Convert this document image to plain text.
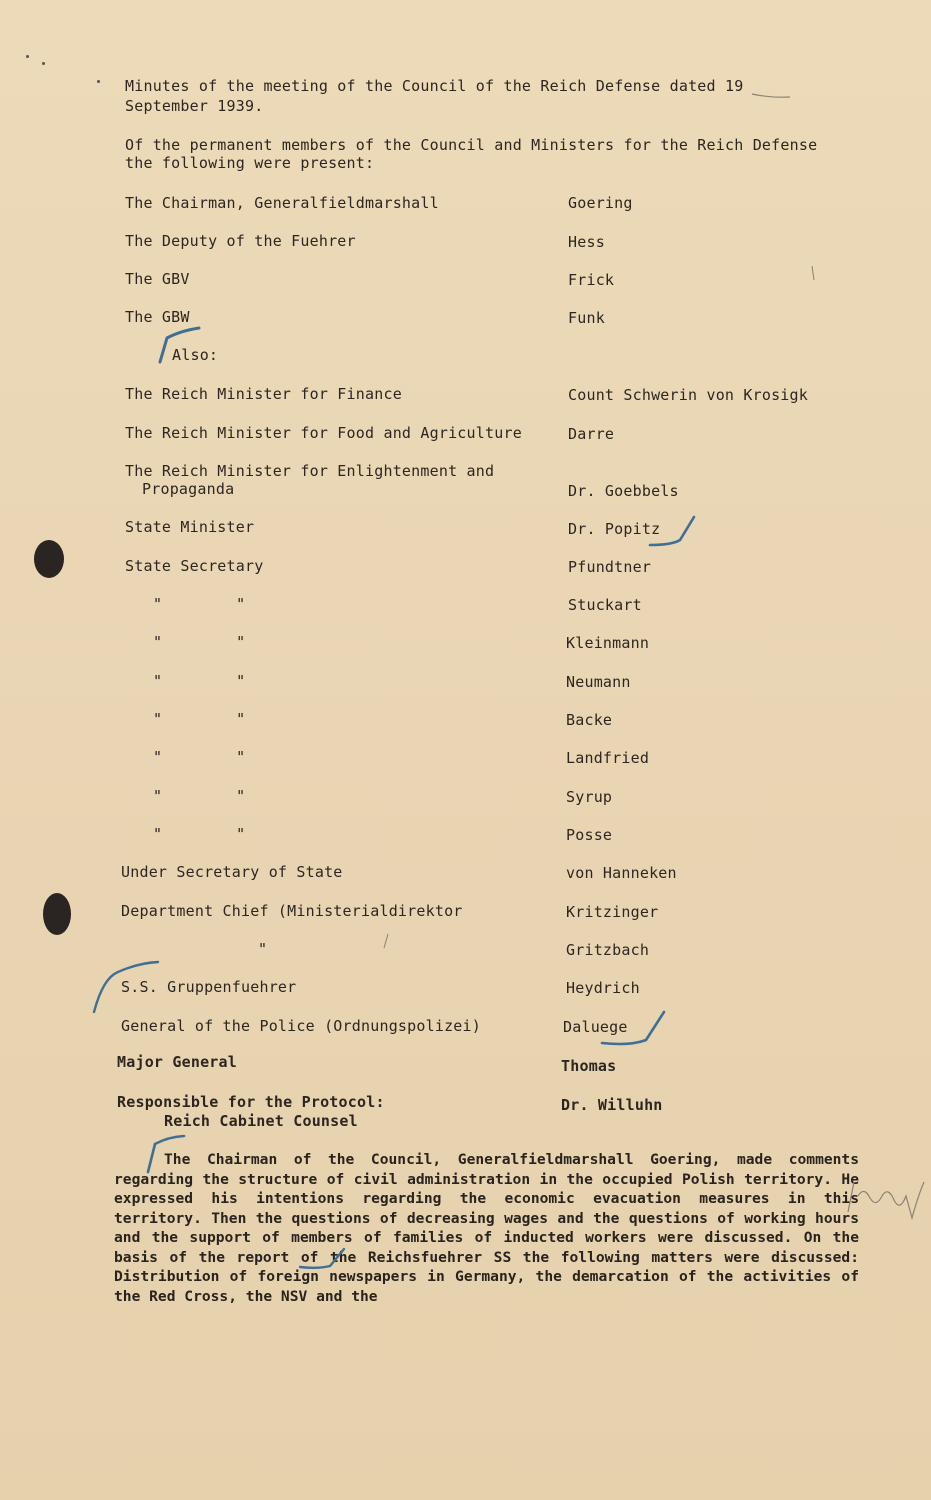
Minutes of the meeting of the Council of the Reich Defense dated 19
September 1939.
Of the permanent members of the Council and Ministers for the Reich Defense
the following were present:
The Chairman, Generalfieldmarshall	Goering
The Deputy of the Fuehrer	Hess
The GBV	Frick
The GBW	Funk
Also:
The Reich Minister for Finance	Count Schwerin von Krosigk
The Reich Minister for Food and Agriculture	Darre
The Reich Minister for Enlightenment and
Propaganda	Dr. Goebbels
State Minister	Dr. Popitz
State Secretary	Pfundtner
"        "	Stuckart
"        "	Kleinmann
"        "	Neumann
"        "	Backe
"        "	Landfried
"        "	Syrup
"        "	Posse
Under Secretary of State	von Hanneken
Department Chief (Ministerialdirektor	Kritzinger
"	Gritzbach
S.S. Gruppenfuehrer	Heydrich
General of the Police (Ordnungspolizei)	Daluege
Major General	Thomas
Responsible for the Protocol:
Reich Cabinet Counsel
Dr. Willuhn
The Chairman of the Council, Generalfieldmarshall Goering, made comments regarding the structure of civil administration in the occupied Polish territory. He expressed his intentions regarding the economic evacuation measures in this territory. Then the questions of decreasing wages and the questions of working hours and the support of members of families of inducted workers were discussed. On the basis of the report of the Reichsfuehrer SS the following matters were discussed: Distribution of foreign newspapers in Germany, the demarcation of the activities of the Red Cross, the NSV and the
